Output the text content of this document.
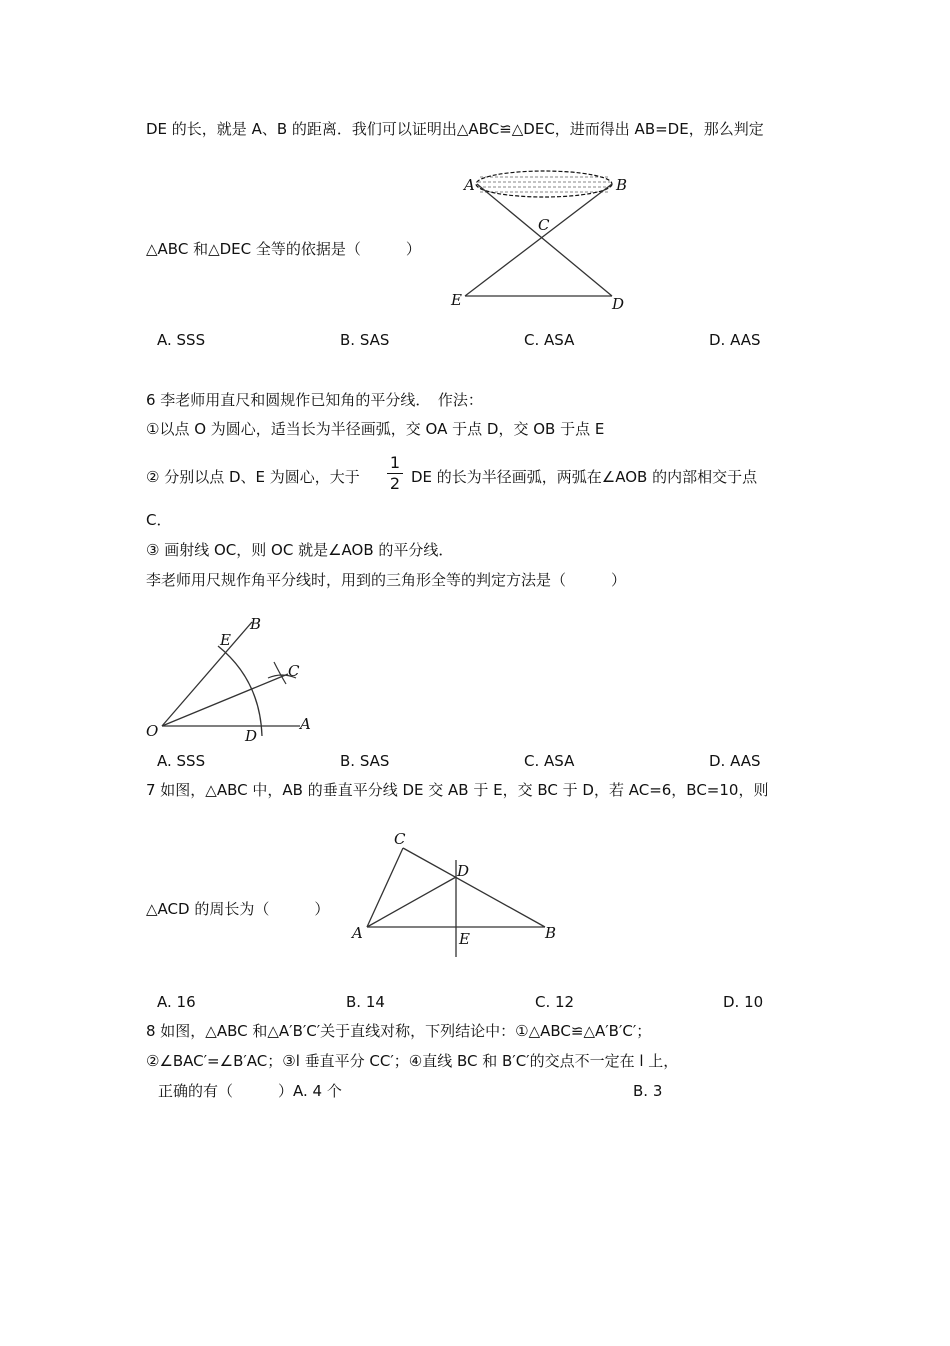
DE 的长，就是 A、B 的距离．我们可以证明出△ABC≌△DEC，进而得出 AB=DE，那么判定
A	B
C
E	D
△ABC 和△DEC 全等的依据是（　　　）
A. SSS	B. SAS	C. ASA	D. AAS
6 李老师用直尺和圆规作已知角的平分线．　作法：
①以点 O 为圆心，适当长为半径画弧，交 OA 于点 D，交 OB 于点 E
② 分别以点 D、E 为圆心，大于
1
2 DE 的长为半径画弧，两弧在∠AOB 的内部相交于点
C．
③ 画射线 OC，则 OC 就是∠AOB 的平分线．
李老师用尺规作角平分线时，用到的三角形全等的判定方法是（　　　）
O	A
B
E
C
D
A. SSS	B. SAS	C. ASA	D. AAS
7 如图，△ABC 中，AB 的垂直平分线 DE 交 AB 于 E，交 BC 于 D，若 AC=6，BC=10，则
C
D
A	E	B
△ACD 的周长为（　　　）
A. 16	B. 14	C. 12	D. 10
8 如图，△ABC 和△A′B′C′关于直线对称，下列结论中：①△ABC≌△A′B′C′；
②∠BAC′=∠B′AC；③l 垂直平分 CC′；④直线 BC 和 B′C′的交点不一定在 l 上，
正确的有（　　　）A. 4 个	B. 3
